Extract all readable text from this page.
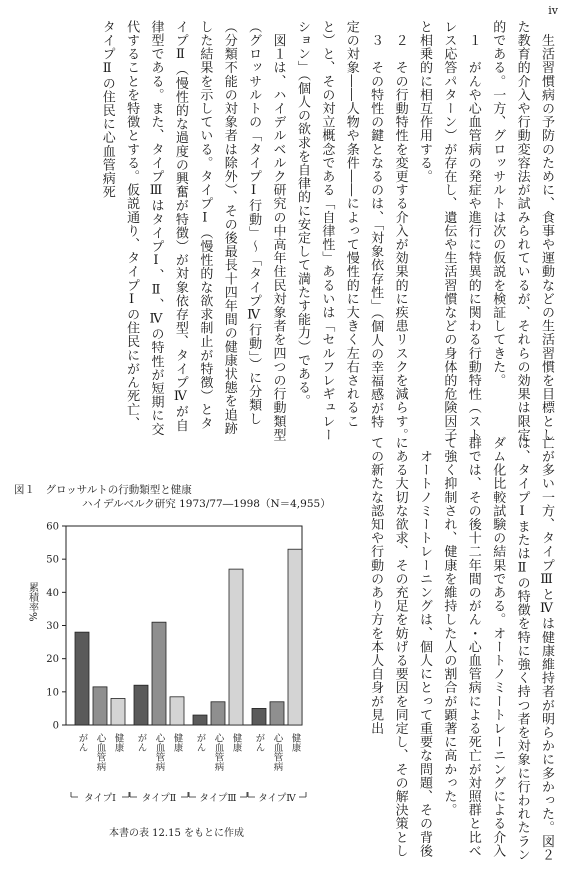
iv
　生活習慣病の予防のために、食事や運動などの生活習慣を目標とした教育的介入や行動変容法が試みられているが、それらの効果は限定的である。一方、グロッサルトは次の仮説を検証してきた。
　１　がんや心血管病の発症や進行に特異的に関わる行動特性（ストレス応答パターン）が存在し、遺伝や生活習慣などの身体的危険因子と相乗的に相互作用する。
　２　その行動特性を変更する介入が効果的に疾患リスクを減らす。
　３　その特性の鍵となるのは、「対象依存性」（個人の幸福感が特定の対象――人物や条件――によって慢性的に大きく左右されること）と、その対立概念である「自律性」あるいは「セルフレギュレーション」（個人の欲求を自律的に安定して満たす能力）である。
　図１は、ハイデルベルク研究の中高年住民対象者を四つの行動類型（グロッサルトの「タイプⅠ行動」～「タイプⅣ行動」）に分類し（分類不能の対象者は除外）、その後最長十四年間の健康状態を追跡した結果を示している。タイプⅠ（慢性的な欲求制止が特徴）とタイプⅡ（慢性的な過度の興奮が特徴）が対象依存型、タイプⅣが自律型である。また、タイプⅢはタイプⅠ、Ⅱ、Ⅳの特性が短期に交代することを特徴とする。仮説通り、タイプⅠの住民にがん死亡、タイプⅡの住民に心血管病死
亡が多い一方、タイプⅢとⅣは健康維持者が明らかに多かった。図２は、タイプⅠまたはⅡの特徴を特に強く持つ者を対象に行われたランダム化比較試験の結果である。オートノミートレーニングによる介入群では、その後十二年間のがん・心血管病による死亡が対照群と比べて強く抑制され、健康を維持した人の割合が顕著に高かった。
　オートノミートレーニングは、個人にとって重要な問題、その背後にある大切な欲求、その充足を妨げる要因を同定し、その解決策としての新たな認知や行動のあり方を本人自身が見出
図１　グロッサルトの行動類型と健康
ハイデルベルク研究 1973/77―1998（N＝4,955）
0
10
20
30
40
50
60
累積率%
がん 心血管病 健康
タイプⅠ
がん 心血管病 健康
タイプⅡ
がん 心血管病 健康
タイプⅢ
がん 心血管病 健康
タイプⅣ
本書の表 12.15 をもとに作成
